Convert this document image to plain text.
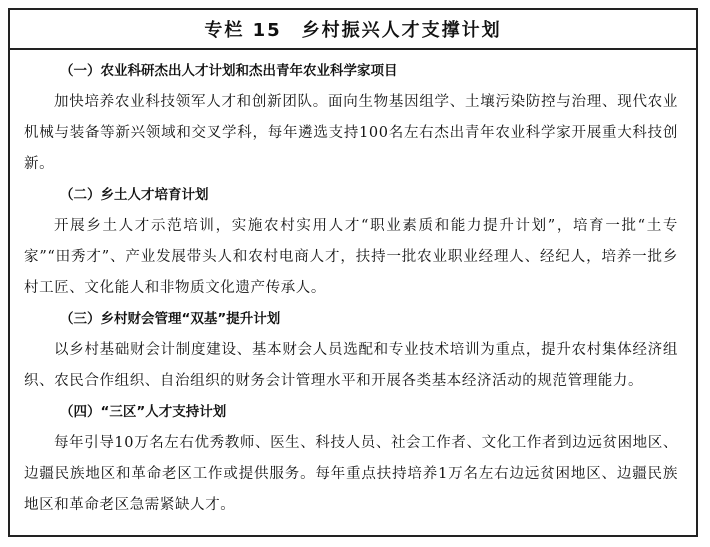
专栏 15　乡村振兴人才支撑计划
（一）农业科研杰出人才计划和杰出青年农业科学家项目
加快培养农业科技领军人才和创新团队。面向生物基因组学、土壤污染防控与治理、现代农业机械与装备等新兴领域和交叉学科，每年遴选支持100名左右杰出青年农业科学家开展重大科技创新。
（二）乡土人才培育计划
开展乡土人才示范培训，实施农村实用人才“职业素质和能力提升计划”，培育一批“土专家”“田秀才”、产业发展带头人和农村电商人才，扶持一批农业职业经理人、经纪人，培养一批乡村工匠、文化能人和非物质文化遗产传承人。
（三）乡村财会管理“双基”提升计划
以乡村基础财会计制度建设、基本财会人员选配和专业技术培训为重点，提升农村集体经济组织、农民合作组织、自治组织的财务会计管理水平和开展各类基本经济活动的规范管理能力。
（四）“三区”人才支持计划
每年引导10万名左右优秀教师、医生、科技人员、社会工作者、文化工作者到边远贫困地区、边疆民族地区和革命老区工作或提供服务。每年重点扶持培养1万名左右边远贫困地区、边疆民族地区和革命老区急需紧缺人才。
